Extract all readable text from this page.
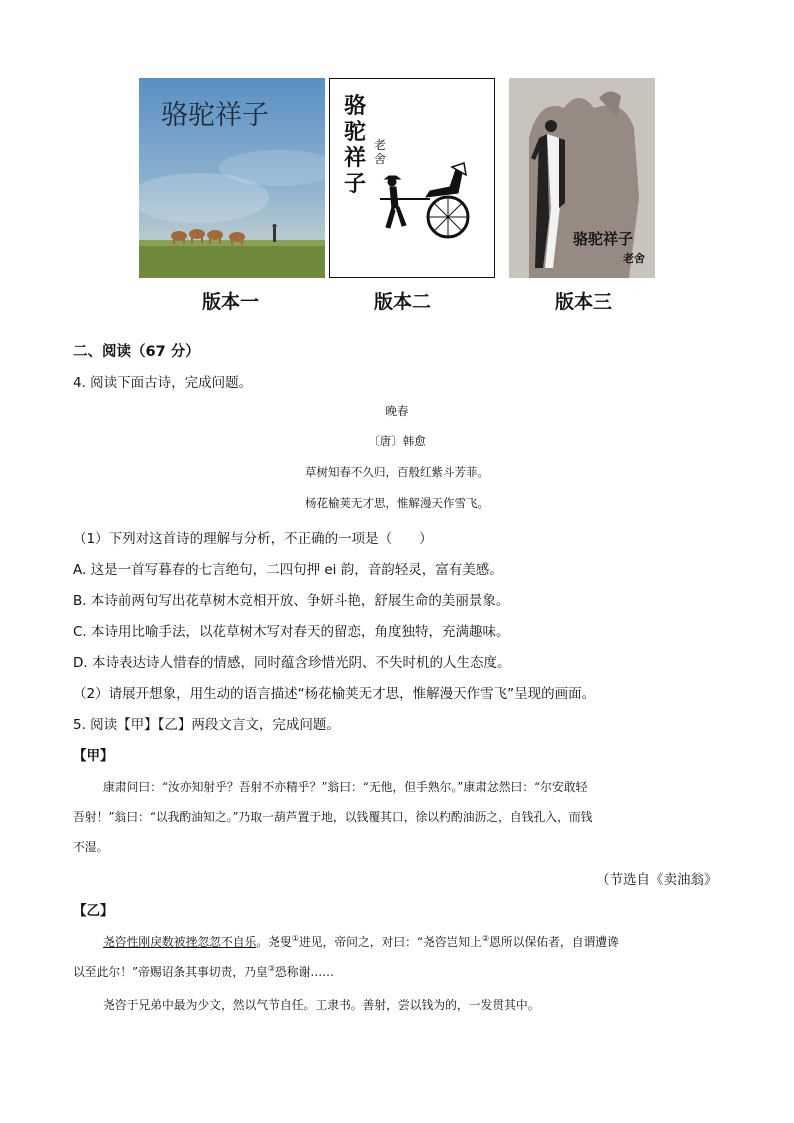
骆驼祥子	骆
驼
祥
子
老
舍
骆驼祥子
老舍
版本一	版本二	版本三
二、阅读（67 分）
4. 阅读下面古诗，完成问题。
晚春
〔唐〕韩愈
草树知春不久归，百般红紫斗芳菲。
杨花榆荚无才思，惟解漫天作雪飞。
（1）下列对这首诗的理解与分析，不正确的一项是（　　）
A. 这是一首写暮春的七言绝句，二四句押 ei 韵，音韵轻灵，富有美感。
B. 本诗前两句写出花草树木竞相开放、争妍斗艳，舒展生命的美丽景象。
C. 本诗用比喻手法，以花草树木写对春天的留恋，角度独特，充满趣味。
D. 本诗表达诗人惜春的情感，同时蕴含珍惜光阴、不失时机的人生态度。
（2）请展开想象，用生动的语言描述“杨花榆荚无才思，惟解漫天作雪飞”呈现的画面。
5. 阅读【甲】【乙】两段文言文，完成问题。
【甲】
康肃问曰：“汝亦知射乎？吾射不亦精乎？”翁曰：“无他，但手熟尔。”康肃忿然曰：“尔安敢轻
吾射！”翁曰：“以我酌油知之。”乃取一葫芦置于地，以钱覆其口，徐以杓酌油沥之，自钱孔入，而钱
不湿。
（节选自《卖油翁》
【乙】
尧咨性刚戾数被挫忽忽不自乐。尧叟①进见，帝问之，对曰：“尧咨岂知上②恩所以保佑者，自谓遭谗
以至此尔！”帝赐诏条其事切责，乃皇③恐称谢……
尧咨于兄弟中最为少文，然以气节自任。工隶书。善射，尝以钱为的，一发贯其中。
